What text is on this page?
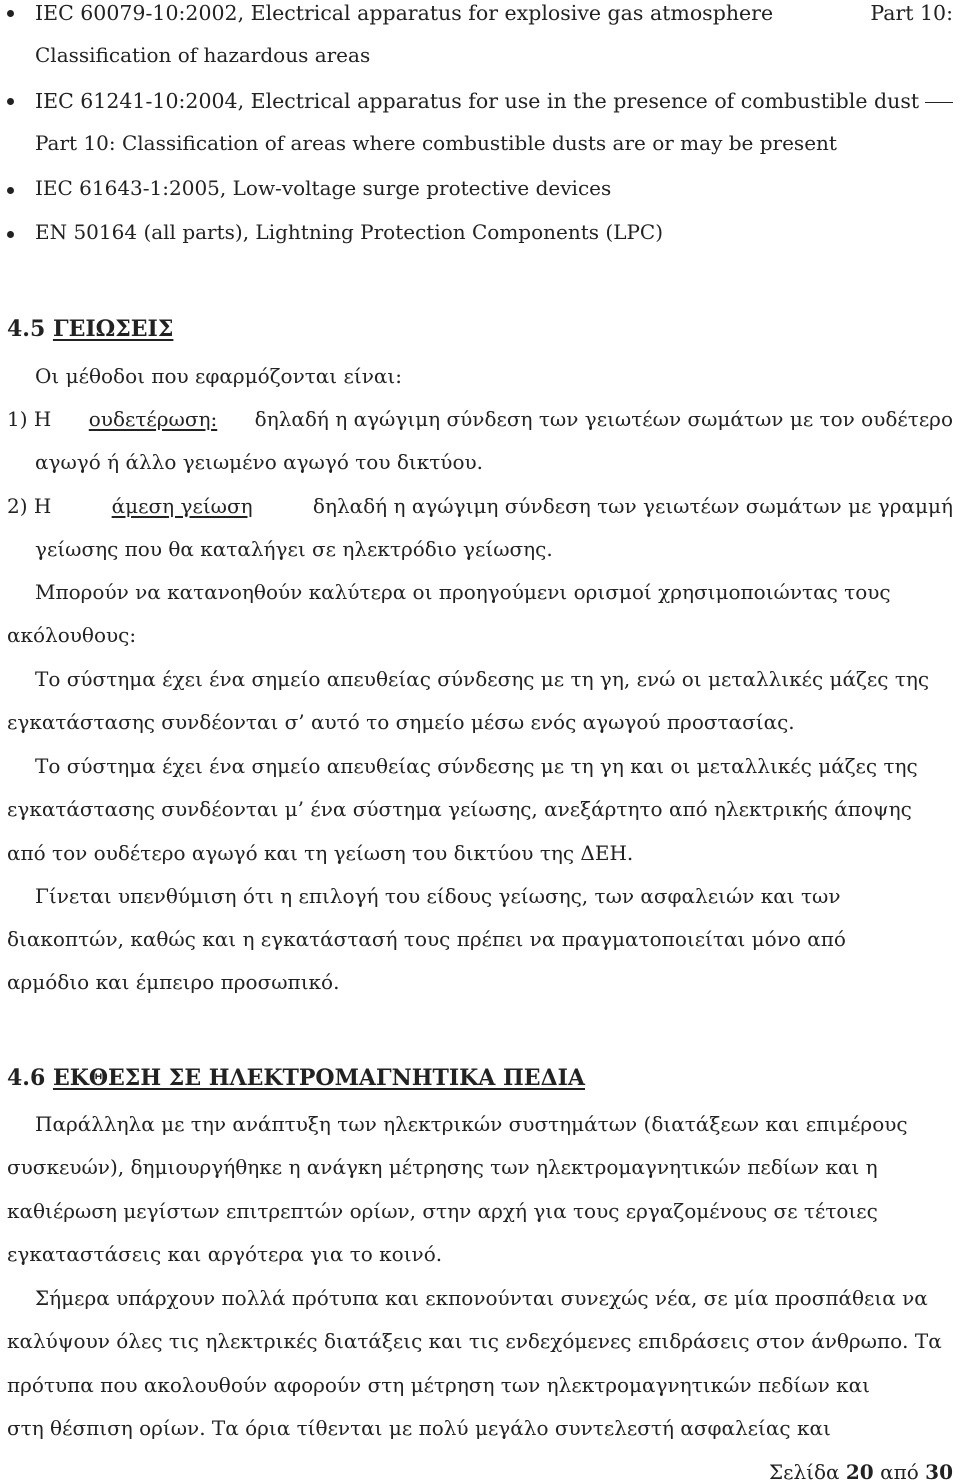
IEC 60079-10:2002, Electrical apparatus for explosive gas atmosphere	Part 10:
Classification of hazardous areas
IEC 61241-10:2004, Electrical apparatus for use in the presence of combustible dust
Part 10: Classification of areas where combustible dusts are or may be present
IEC 61643-1:2005, Low-voltage surge protective devices
EN 50164 (all parts), Lightning Protection Components (LPC)
4.5 ΓΕΙΩΣΕΙΣ
Οι μέθοδοι που εφαρμόζονται είναι:
1) Η ουδετέρωση: δηλαδή η αγώγιμη σύνδεση των γειωτέων σωμάτων με τον ουδέτερο
αγωγό ή άλλο γειωμένο αγωγό του δικτύου.
2) Η	άμεση γείωση	δηλαδή η αγώγιμη σύνδεση των γειωτέων σωμάτων με γραμμή
γείωσης που θα καταλήγει σε ηλεκτρόδιο γείωσης.
Μπορούν να κατανοηθούν καλύτερα οι προηγούμενι ορισμοί χρησιμοποιώντας τους
ακόλουθους:
Το σύστημα έχει ένα σημείο απευθείας σύνδεσης με τη γη, ενώ οι μεταλλικές μάζες της
εγκατάστασης συνδέονται σ’ αυτό το σημείο μέσω ενός αγωγού προστασίας.
Το σύστημα έχει ένα σημείο απευθείας σύνδεσης με τη γη και οι μεταλλικές μάζες της
εγκατάστασης συνδέονται μ’ ένα σύστημα γείωσης, ανεξάρτητο από ηλεκτρικής άποψης
από τον ουδέτερο αγωγό και τη γείωση του δικτύου της ΔΕΗ.
Γίνεται υπενθύμιση ότι η επιλογή του είδους γείωσης, των ασφαλειών και των
διακοπτών, καθώς και η εγκατάστασή τους πρέπει να πραγματοποιείται μόνο από
αρμόδιο και έμπειρο προσωπικό.
4.6 ΕΚΘΕΣΗ ΣΕ ΗΛΕΚΤΡΟΜΑΓΝΗΤΙΚΑ ΠΕΔΙΑ
Παράλληλα με την ανάπτυξη των ηλεκτρικών συστημάτων (διατάξεων και επιμέρους
συσκευών), δημιουργήθηκε η ανάγκη μέτρησης των ηλεκτρομαγνητικών πεδίων και η
καθιέρωση μεγίστων επιτρεπτών ορίων, στην αρχή για τους εργαζομένους σε τέτοιες
εγκαταστάσεις και αργότερα για το κοινό.
Σήμερα υπάρχουν πολλά πρότυπα και εκπονούνται συνεχώς νέα, σε μία προσπάθεια να
καλύψουν όλες τις ηλεκτρικές διατάξεις και τις ενδεχόμενες επιδράσεις στον άνθρωπο. Τα
πρότυπα που ακολουθούν αφορούν στη μέτρηση των ηλεκτρομαγνητικών πεδίων και
στη θέσπιση ορίων. Τα όρια τίθενται με πολύ μεγάλο συντελεστή ασφαλείας και
Σελίδα 20 από 30
